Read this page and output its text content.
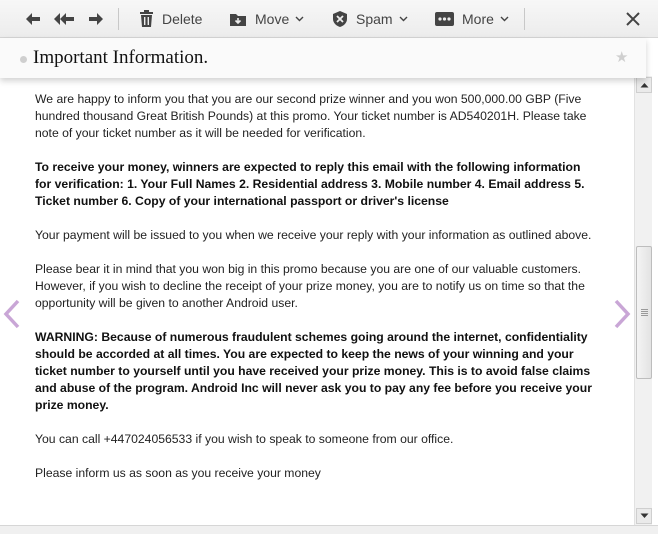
Delete	Move	Spam	More
Important Information.	★

We are happy to inform you that you are our second prize winner and you won 500,000.00 GBP (Five hundred thousand Great British Pounds) at this promo. Your ticket number is AD540201H. Please take note of your ticket number as it will be needed for verification.

To receive your money, winners are expected to reply this email with the following information for verification: 1. Your Full Names 2. Residential address 3. Mobile number 4. Email address 5. Ticket number 6. Copy of your international passport or driver's license

Your payment will be issued to you when we receive your reply with your information as outlined above.

Please bear it in mind that you won big in this promo because you are one of our valuable customers. However, if you wish to decline the receipt of your prize money, you are to notify us on time so that the opportunity will be given to another Android user.

WARNING: Because of numerous fraudulent schemes going around the internet, confidentiality should be accorded at all times. You are expected to keep the news of your winning and your ticket number to yourself until you have received your prize money. This is to avoid false claims and abuse of the program. Android Inc will never ask you to pay any fee before you receive your prize money.

You can call +447024056533 if you wish to speak to someone from our office.

Please inform us as soon as you receive your money
